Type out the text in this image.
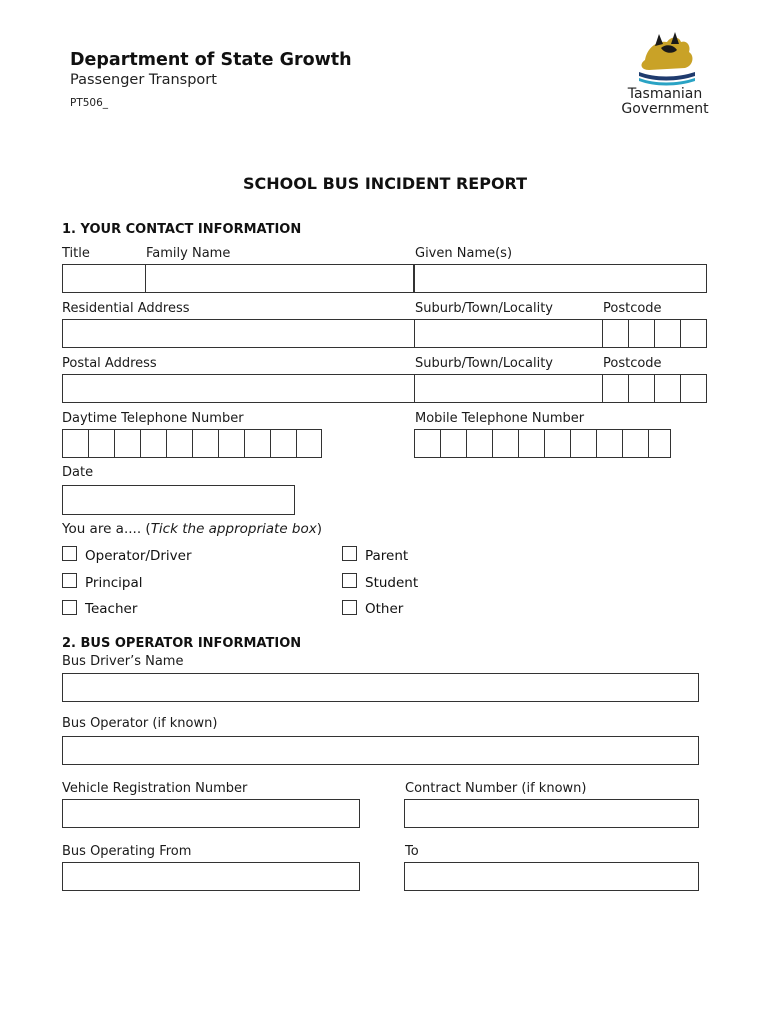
Department of State Growth
Passenger Transport
PT506_
Tasmanian
Government
SCHOOL BUS INCIDENT REPORT
1. YOUR CONTACT INFORMATION
Title	Family Name	Given Name(s)
Residential Address	Suburb/Town/Locality	Postcode
Postal Address	Suburb/Town/Locality	Postcode
Daytime Telephone Number	Mobile Telephone Number
Date
You are a.... (Tick the appropriate box)
Operator/Driver	Parent
Principal	Student
Teacher	Other
2. BUS OPERATOR INFORMATION
Bus Driver’s Name
Bus Operator (if known)
Vehicle Registration Number	Contract Number (if known)
Bus Operating From	To
